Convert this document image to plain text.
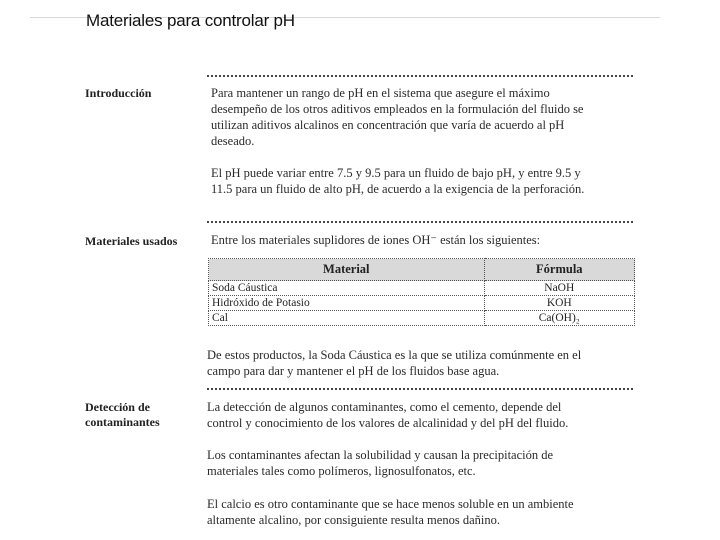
Materiales para controlar pH
Introducción	Para mantener un rango de pH en el sistema que asegure el máximo
desempeño de los otros aditivos empleados en la formulación del fluido se
utilizan aditivos alcalinos en concentración que varía de acuerdo al pH
deseado.
El pH puede variar entre 7.5 y 9.5 para un fluido de bajo pH, y entre 9.5 y
11.5 para un fluido de alto pH, de acuerdo a la exigencia de la perforación.
Materiales usados	Entre los materiales suplidores de iones OH⁻ están los siguientes:
Material	Fórmula
Soda Cáustica	NaOH
Hidróxido de Potasio	KOH
Cal	Ca(OH)₂
De estos productos, la Soda Cáustica es la que se utiliza comúnmente en el
campo para dar y mantener el pH de los fluidos base agua.
Detección de
contaminantes
La detección de algunos contaminantes, como el cemento, depende del
control y conocimiento de los valores de alcalinidad y del pH del fluido.
Los contaminantes afectan la solubilidad y causan la precipitación de
materiales tales como polímeros, lignosulfonatos, etc.
El calcio es otro contaminante que se hace menos soluble en un ambiente
altamente alcalino, por consiguiente resulta menos dañino.
